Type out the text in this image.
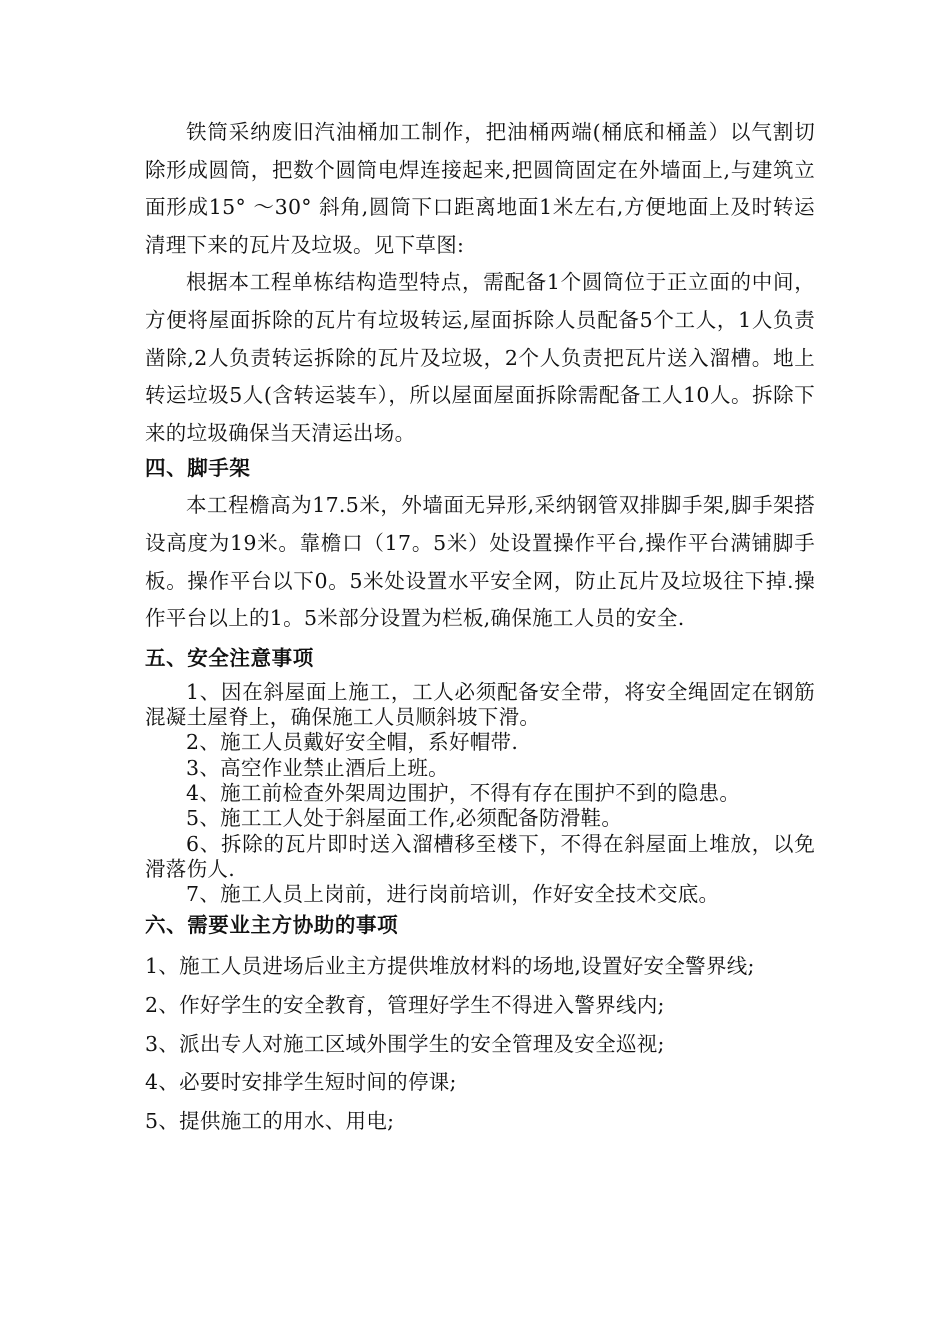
铁筒采纳废旧汽油桶加工制作，把油桶两端(桶底和桶盖）以气割切除形成圆筒，把数个圆筒电焊连接起来,把圆筒固定在外墙面上,与建筑立面形成15° ～30° 斜角,圆筒下口距离地面1米左右,方便地面上及时转运清理下来的瓦片及垃圾。见下草图:

根据本工程单栋结构造型特点，需配备1个圆筒位于正立面的中间，方便将屋面拆除的瓦片有垃圾转运,屋面拆除人员配备5个工人，1人负责凿除,2人负责转运拆除的瓦片及垃圾，2个人负责把瓦片送入溜槽。地上转运垃圾5人(含转运装车），所以屋面屋面拆除需配备工人10人。拆除下来的垃圾确保当天清运出场。

四、脚手架

本工程檐高为17.5米，外墙面无异形,采纳钢管双排脚手架,脚手架搭设高度为19米。靠檐口（17。5米）处设置操作平台,操作平台满铺脚手板。操作平台以下0。5米处设置水平安全网，防止瓦片及垃圾往下掉.操作平台以上的1。5米部分设置为栏板,确保施工人员的安全.

五、安全注意事项

1、因在斜屋面上施工，工人必须配备安全带，将安全绳固定在钢筋混凝土屋脊上，确保施工人员顺斜坡下滑。

2、施工人员戴好安全帽，系好帽带.

3、高空作业禁止酒后上班。

4、施工前检查外架周边围护，不得有存在围护不到的隐患。

5、施工工人处于斜屋面工作,必须配备防滑鞋。

6、拆除的瓦片即时送入溜槽移至楼下，不得在斜屋面上堆放，以免滑落伤人.

7、施工人员上岗前，进行岗前培训，作好安全技术交底。

六、需要业主方协助的事项

1、施工人员进场后业主方提供堆放材料的场地,设置好安全警界线;

2、作好学生的安全教育，管理好学生不得进入警界线内;

3、派出专人对施工区域外围学生的安全管理及安全巡视;

4、必要时安排学生短时间的停课;

5、提供施工的用水、用电;
